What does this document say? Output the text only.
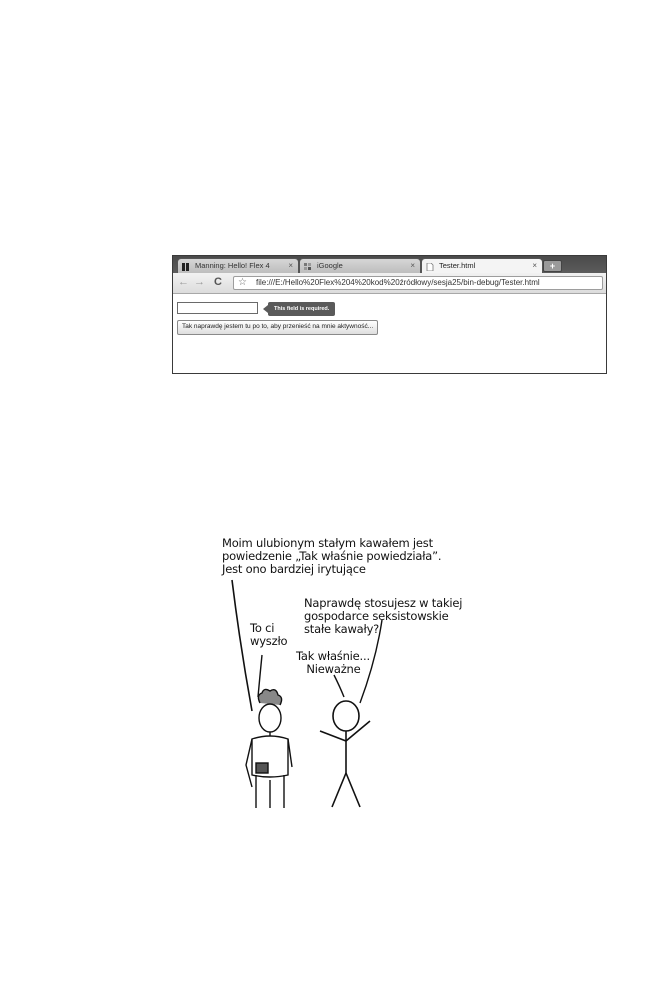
Manning: Hello! Flex 4 ×	iGoogle	×	Tester.html	×	+
← → C ☆ file:///E:/Hello%20Flex%204%20kod%20źródłowy/sesja25/bin-debug/Tester.html
This field is required.
Tak naprawdę jestem tu po to, aby przenieść na mnie aktywność...
Moim ulubionym stałym kawałem jest
powiedzenie „Tak właśnie powiedziała”.
Jest ono bardziej irytujące
To ci
wyszło
Naprawdę stosujesz w takiej
gospodarce seksistowskie
stałe kawały?
Tak właśnie...
Nieważne
